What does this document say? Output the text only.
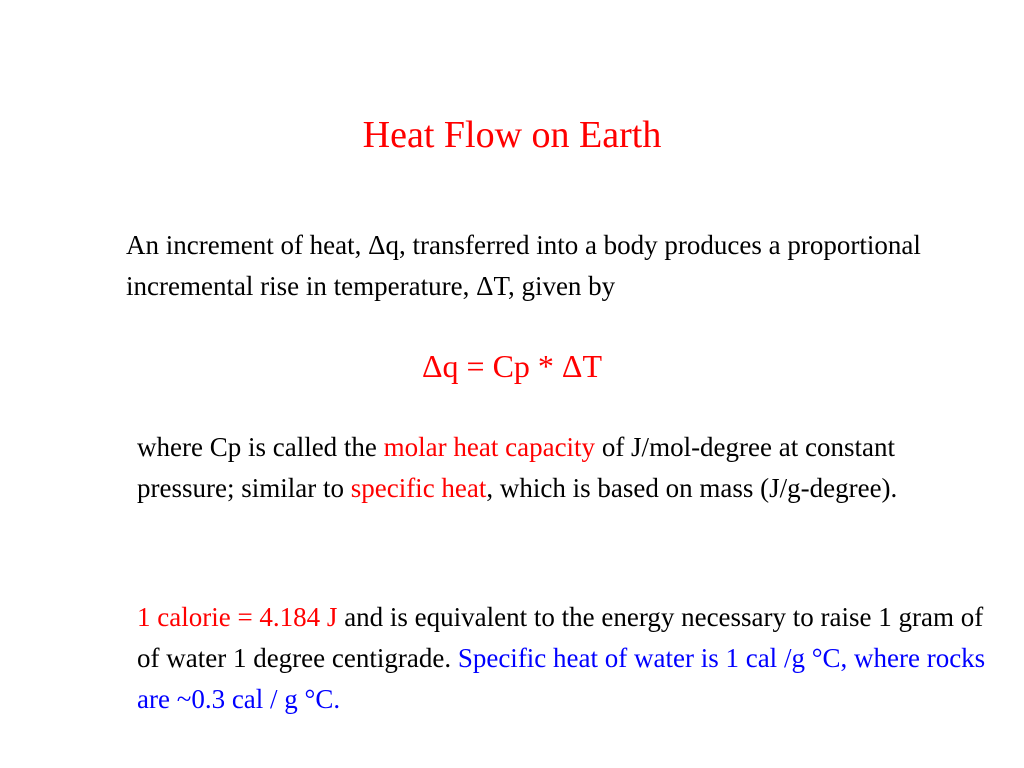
Heat Flow on Earth

An increment of heat, Δq, transferred into a body produces a proportional incremental rise in temperature, ΔT, given by

Δq = Cp * ΔT

where Cp is called the molar heat capacity of J/mol-degree at constant pressure; similar to specific heat, which is based on mass (J/g-degree).

1 calorie = 4.184 J and is equivalent to the energy necessary to raise 1 gram of of water 1 degree centigrade. Specific heat of water is 1 cal /g °C, where rocks are ~0.3 cal / g °C.
